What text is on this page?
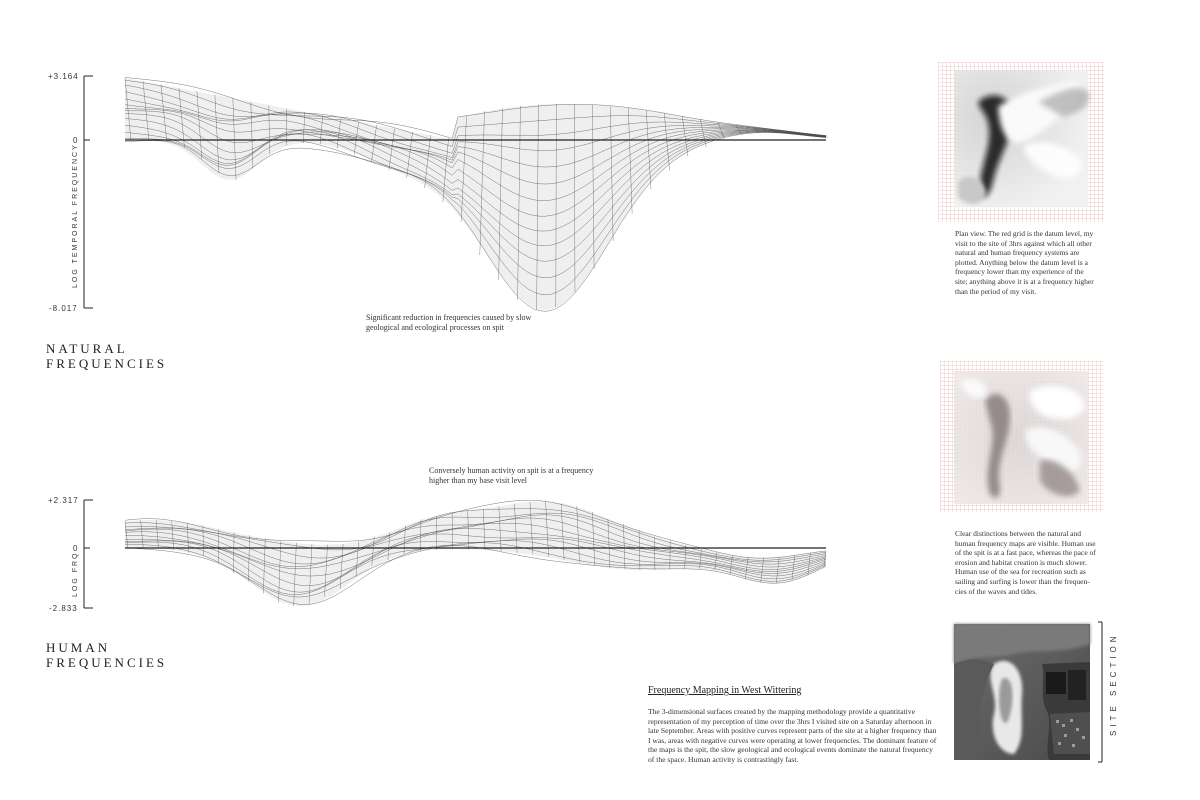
+3.164
0
-8.017
LOG TEMPORAL FREQUENCY
Significant reduction in frequencies caused by slow
geological and ecological processes on spit
NATURAL
FREQUENCIES
Conversely human activity on spit is at a frequency
higher than my base visit level
+2.317
0
-2.833
LOG FRQ
HUMAN
FREQUENCIES
Plan view. The red grid is the datum level, my
visit to the site of 3hrs against which all other
natural and human frequency systems are
plotted. Anything below the datum level is a
frequency lower than my experience of the
site; anything above it is at a frequency higher
than the period of my visit.
Clear distinctions between the natural and
human frequency maps are visible. Human use
of the spit is at a fast pace, whereas the pace of
erosion and habitat creation is much slower.
Human use of the sea for recreation such as
sailing and surfing is lower than the frequen-
cies of the waves and tides.
SITE SECTION
Frequency Mapping in West Wittering
The 3-dimensional surfaces created by the mapping methodology provide a quantitative
representation of my perception of time over the 3hrs I visited site on a Saturday afternoon in
late September. Areas with positive curves represent parts of the site at a higher frequency than
I was, areas with negative curves were operating at lower frequencies. The dominant feature of
the maps is the spit, the slow geological and ecological events dominate the natural frequency
of the space. Human activity is contrastingly fast.
